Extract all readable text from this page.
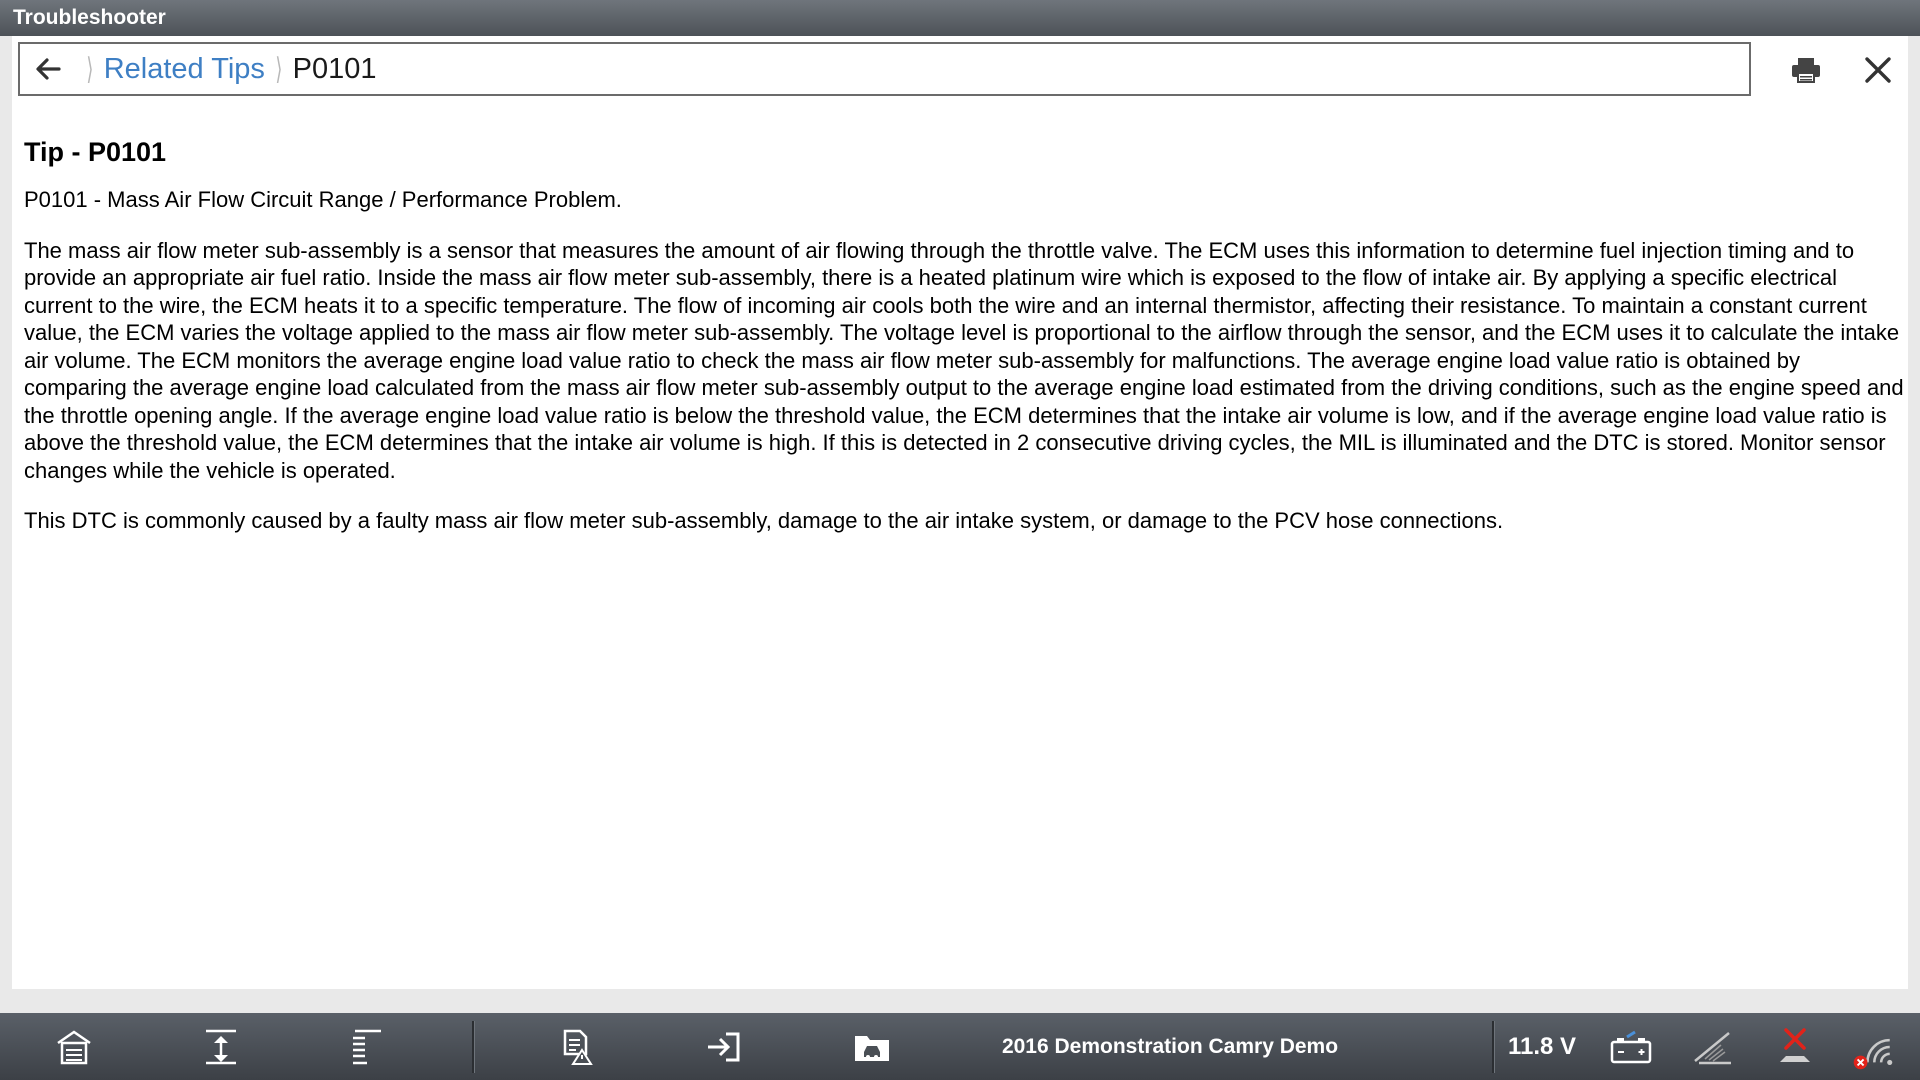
Troubleshooter
⟩ Related Tips ⟩ P0101
Tip - P0101

P0101 - Mass Air Flow Circuit Range / Performance Problem.

The mass air flow meter sub-assembly is a sensor that measures the amount of air flowing through the throttle valve. The ECM uses this information to determine fuel injection timing and to provide an appropriate air fuel ratio. Inside the mass air flow meter sub-assembly, there is a heated platinum wire which is exposed to the flow of intake air. By applying a specific electrical current to the wire, the ECM heats it to a specific temperature. The flow of incoming air cools both the wire and an internal thermistor, affecting their resistance. To maintain a constant current value, the ECM varies the voltage applied to the mass air flow meter sub-assembly. The voltage level is proportional to the airflow through the sensor, and the ECM uses it to calculate the intake air volume. The ECM monitors the average engine load value ratio to check the mass air flow meter sub-assembly for malfunctions. The average engine load value ratio is obtained by comparing the average engine load calculated from the mass air flow meter sub-assembly output to the average engine load estimated from the driving conditions, such as the engine speed and the throttle opening angle. If the average engine load value ratio is below the threshold value, the ECM determines that the intake air volume is low, and if the average engine load value ratio is above the threshold value, the ECM determines that the intake air volume is high. If this is detected in 2 consecutive driving cycles, the MIL is illuminated and the DTC is stored. Monitor sensor changes while the vehicle is operated.

This DTC is commonly caused by a faulty mass air flow meter sub-assembly, damage to the air intake system, or damage to the PCV hose connections.

2016 Demonstration Camry Demo	11.8 V
